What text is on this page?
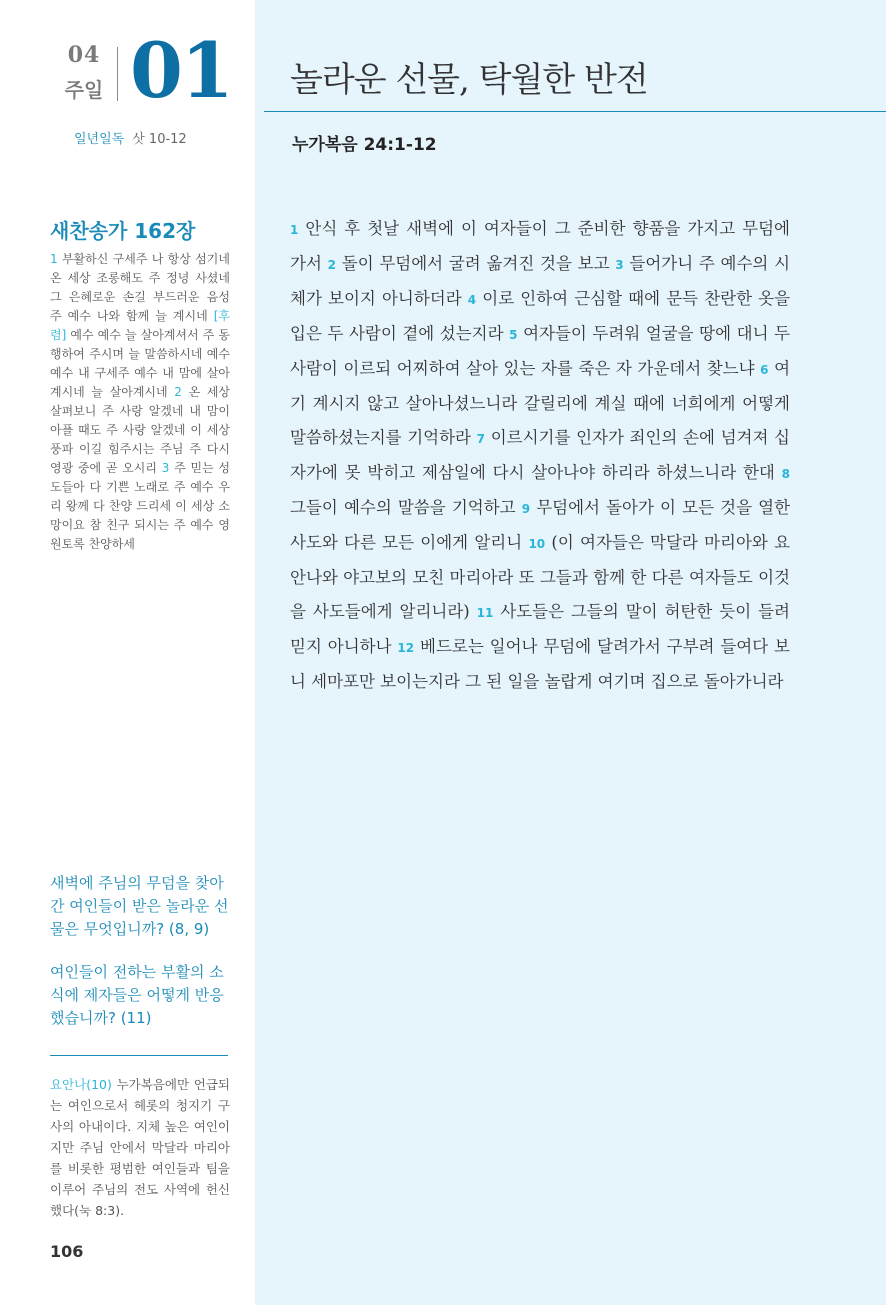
04
주일 01
일년일독 삿 10-12
새찬송가 162장
1 부활하신 구세주 나 항상 섬기네 온 세상 조롱해도 주 정녕 사셨네 그 은혜로운 손길 부드러운 음성 주 예수 나와 함께 늘 계시네 [후렴] 예수 예수 늘 살아계셔서 주 동행하여 주시며 늘 말씀하시네 예수 예수 내 구세주 예수 내 맘에 살아계시네 늘 살아계시네 2 온 세상 살펴보니 주 사랑 알겠네 내 맘이 아플 때도 주 사랑 알겠네 이 세상 풍파 이길 힘주시는 주님 주 다시 영광 중에 곧 오시리 3 주 믿는 성도들아 다 기쁜 노래로 주 예수 우리 왕께 다 찬양 드리세 이 세상 소망이요 참 친구 되시는 주 예수 영원토록 찬양하세

새벽에 주님의 무덤을 찾아간 여인들이 받은 놀라운 선물은 무엇입니까? (8, 9)

여인들이 전하는 부활의 소식에 제자들은 어떻게 반응했습니까? (11)

요안나(10) 누가복음에만 언급되는 여인으로서 헤롯의 청지기 구사의 아내이다. 지체 높은 여인이지만 주님 안에서 막달라 마리아를 비롯한 평범한 여인들과 팀을 이루어 주님의 전도 사역에 헌신했다(눅 8:3).
106
놀라운 선물, 탁월한 반전
누가복음 24:1-12
1 안식 후 첫날 새벽에 이 여자들이 그 준비한 향품을 가지고 무덤에 가서 2 돌이 무덤에서 굴려 옮겨진 것을 보고 3 들어가니 주 예수의 시체가 보이지 아니하더라 4 이로 인하여 근심할 때에 문득 찬란한 옷을 입은 두 사람이 곁에 섰는지라 5 여자들이 두려워 얼굴을 땅에 대니 두 사람이 이르되 어찌하여 살아 있는 자를 죽은 자 가운데서 찾느냐 6 여기 계시지 않고 살아나셨느니라 갈릴리에 계실 때에 너희에게 어떻게 말씀하셨는지를 기억하라 7 이르시기를 인자가 죄인의 손에 넘겨져 십자가에 못 박히고 제삼일에 다시 살아나야 하리라 하셨느니라 한대 8 그들이 예수의 말씀을 기억하고 9 무덤에서 돌아가 이 모든 것을 열한 사도와 다른 모든 이에게 알리니 10 (이 여자들은 막달라 마리아와 요안나와 야고보의 모친 마리아라 또 그들과 함께 한 다른 여자들도 이것을 사도들에게 알리니라) 11 사도들은 그들의 말이 허탄한 듯이 들려 믿지 아니하나 12 베드로는 일어나 무덤에 달려가서 구부려 들여다 보니 세마포만 보이는지라 그 된 일을 놀랍게 여기며 집으로 돌아가니라
